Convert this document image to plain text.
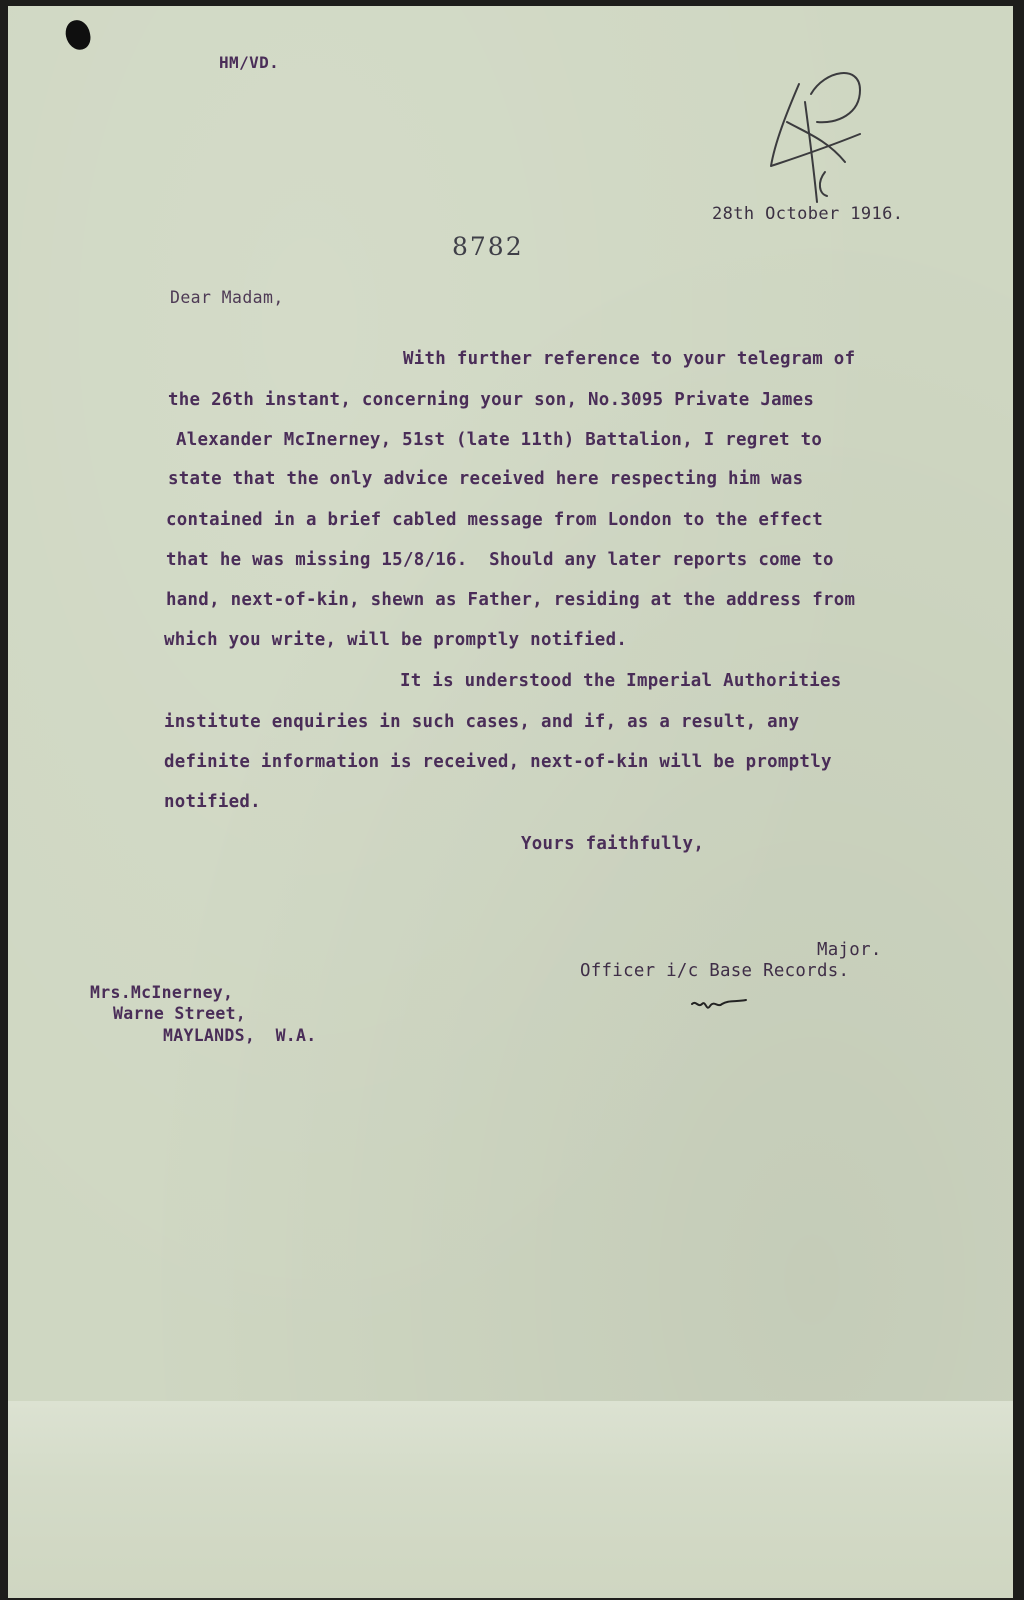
HM/VD.
28th October 1916.
8782
Dear Madam,
With further reference to your telegram of
the 26th instant, concerning your son, No.3095 Private James
Alexander McInerney, 51st (late 11th) Battalion, I regret to
state that the only advice received here respecting him was
contained in a brief cabled message from London to the effect
that he was missing 15/8/16.  Should any later reports come to
hand, next-of-kin, shewn as Father, residing at the address from
which you write, will be promptly notified.
It is understood the Imperial Authorities
institute enquiries in such cases, and if, as a result, any
definite information is received, next-of-kin will be promptly
notified.
Yours faithfully,
Major.
Officer i/c Base Records.
Mrs.McInerney,
Warne Street,
MAYLANDS,  W.A.
